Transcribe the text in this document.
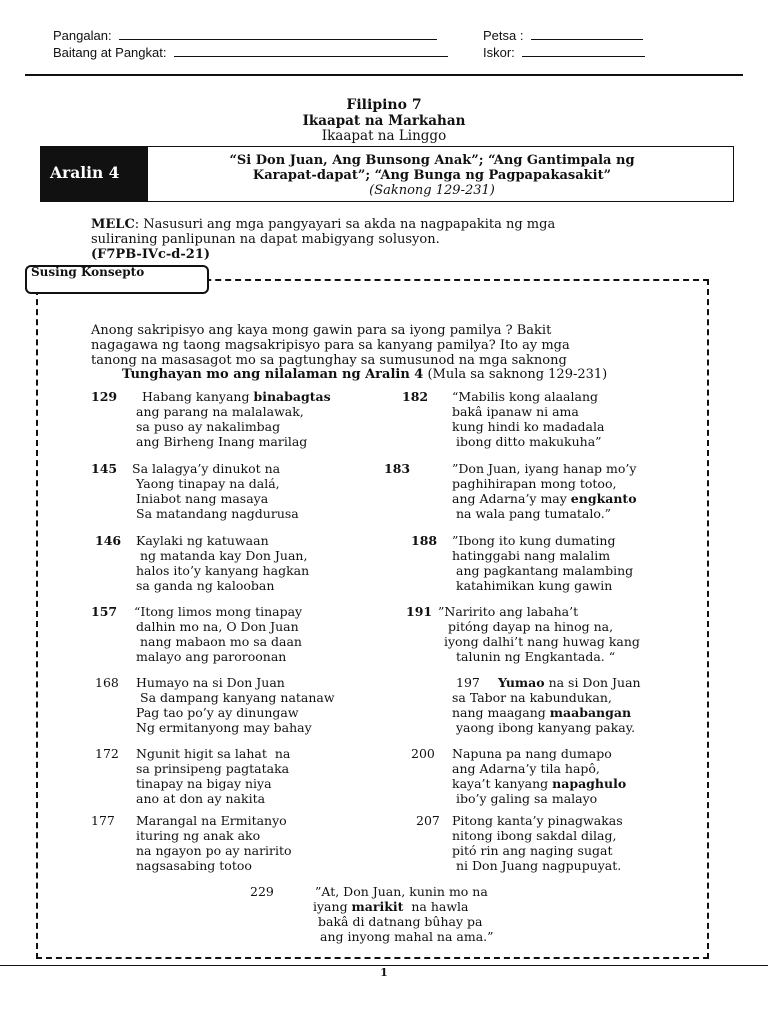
Pangalan:	Petsa :
Baitang at Pangkat:	Iskor:
Filipino 7
Ikaapat na Markahan
Ikaapat na Linggo
Aralin 4
“Si Don Juan, Ang Bunsong Anak”; “Ang Gantimpala ng
Karapat-dapat”; “Ang Bunga ng Pagpapakasakit”
(Saknong 129-231)
MELC: Nasusuri ang mga pangyayari sa akda na nagpapakita ng mga
suliraning panlipunan na dapat mabigyang solusyon.
(F7PB-IVc-d-21)
Susing Konsepto
Anong sakripisyo ang kaya mong gawin para sa iyong pamilya ? Bakit
nagagawa ng taong magsakripisyo para sa kanyang pamilya? Ito ay mga
tanong na masasagot mo sa pagtunghay sa sumusunod na mga saknong
Tunghayan mo ang nilalaman ng Aralin 4 (Mula sa saknong 129-231)
129 Habang kanyang binabagtas
ang parang na malalawak,
sa puso ay nakalimbag
ang Birheng Inang marilag
182 “Mabilis kong alaalang
bakâ ipanaw ni ama
kung hindi ko madadala
ibong ditto makukuha”
145 Sa lalagya’y dinukot na
Yaong tinapay na dalá,
Iniabot nang masaya
Sa matandang nagdurusa
183	”Don Juan, iyang hanap mo’y
paghihirapan mong totoo,
ang Adarna’y may engkanto
na wala pang tumatalo.”
146 Kaylaki ng katuwaan
ng matanda kay Don Juan,
halos ito’y kanyang hagkan
sa ganda ng kalooban
188 ”Ibong ito kung dumating
hatinggabi nang malalim
ang pagkantang malambing
katahimikan kung gawin
157 “Itong limos mong tinapay
dalhin mo na, O Don Juan
nang mabaon mo sa daan
malayo ang paroroonan
191 ”Naririto ang labaha’t
pitóng dayap na hinog na,
iyong dalhi’t nang huwag kang
talunin ng Engkantada. “
168 Humayo na si Don Juan
Sa dampang kanyang natanaw
Pag tao po’y ay dinungaw
Ng ermitanyong may bahay
197 Yumao na si Don Juan
sa Tabor na kabundukan,
nang maagang maabangan
yaong ibong kanyang pakay.
172 Ngunit higit sa lahat  na
sa prinsipeng pagtataka
tinapay na bigay niya
ano at don ay nakita
200 Napuna pa nang dumapo
ang Adarna’y tila hapô,
kaya’t kanyang napaghulo
ibo’y galing sa malayo
177 Marangal na Ermitanyo
ituring ng anak ako
na ngayon po ay naririto
nagsasabing totoo
207 Pitong kanta’y pinagwakas
nitong ibong sakdal dilag,
pitó rin ang naging sugat
ni Don Juang nagpupuyat.
229	”At, Don Juan, kunin mo na
iyang marikit  na hawla
bakâ di datnang bûhay pa
ang inyong mahal na ama.”
1
